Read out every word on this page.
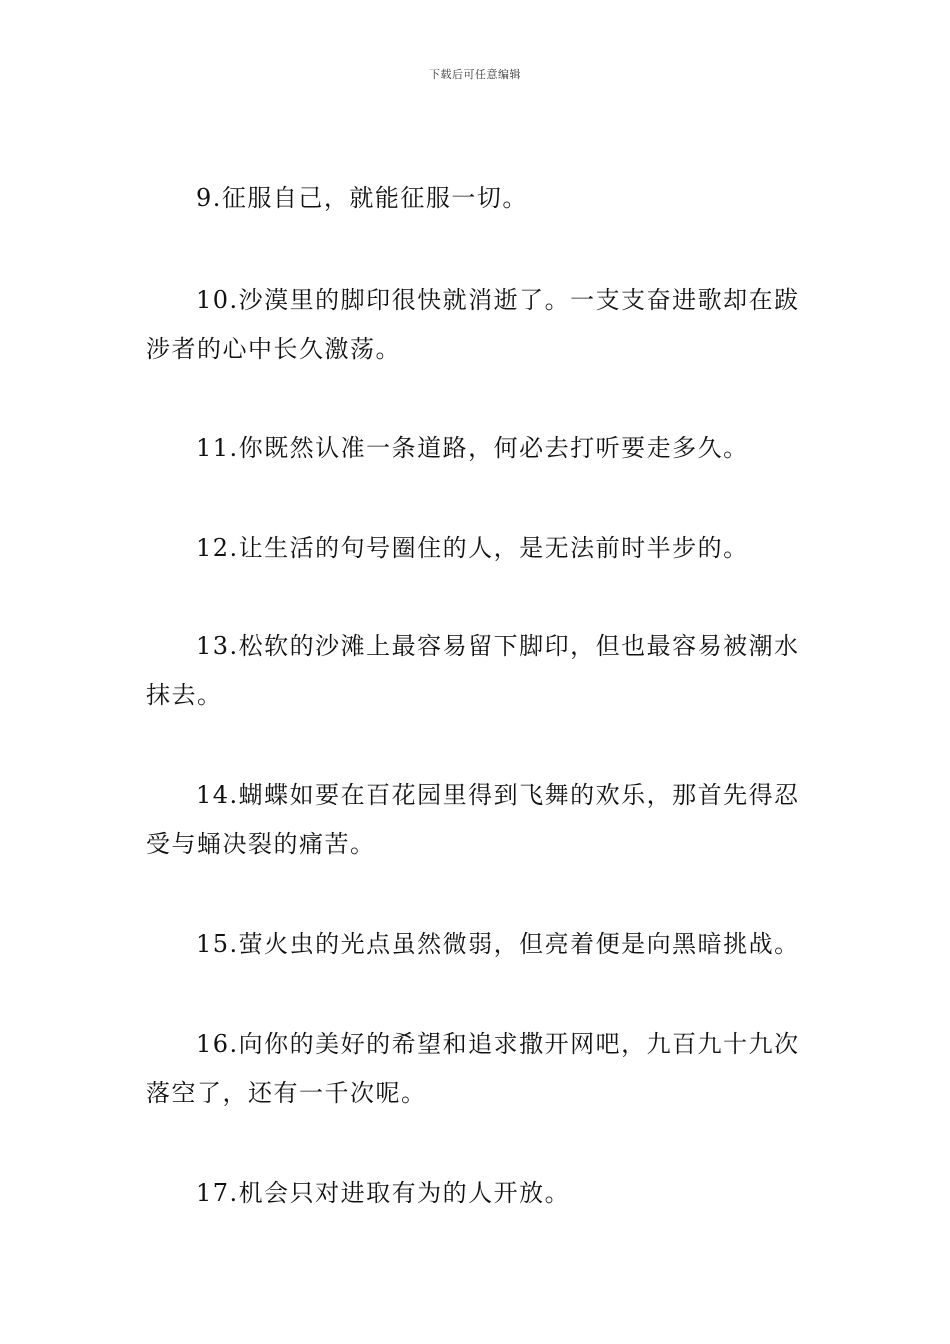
下载后可任意编辑
9.征服自己，就能征服一切。
10.沙漠里的脚印很快就消逝了。一支支奋进歌却在跋涉者的心中长久激荡。
11.你既然认准一条道路，何必去打听要走多久。
12.让生活的句号圈住的人，是无法前时半步的。
13.松软的沙滩上最容易留下脚印，但也最容易被潮水抹去。
14.蝴蝶如要在百花园里得到飞舞的欢乐，那首先得忍受与蛹决裂的痛苦。
15.萤火虫的光点虽然微弱，但亮着便是向黑暗挑战。
16.向你的美好的希望和追求撒开网吧，九百九十九次落空了，还有一千次呢。
17.机会只对进取有为的人开放。
